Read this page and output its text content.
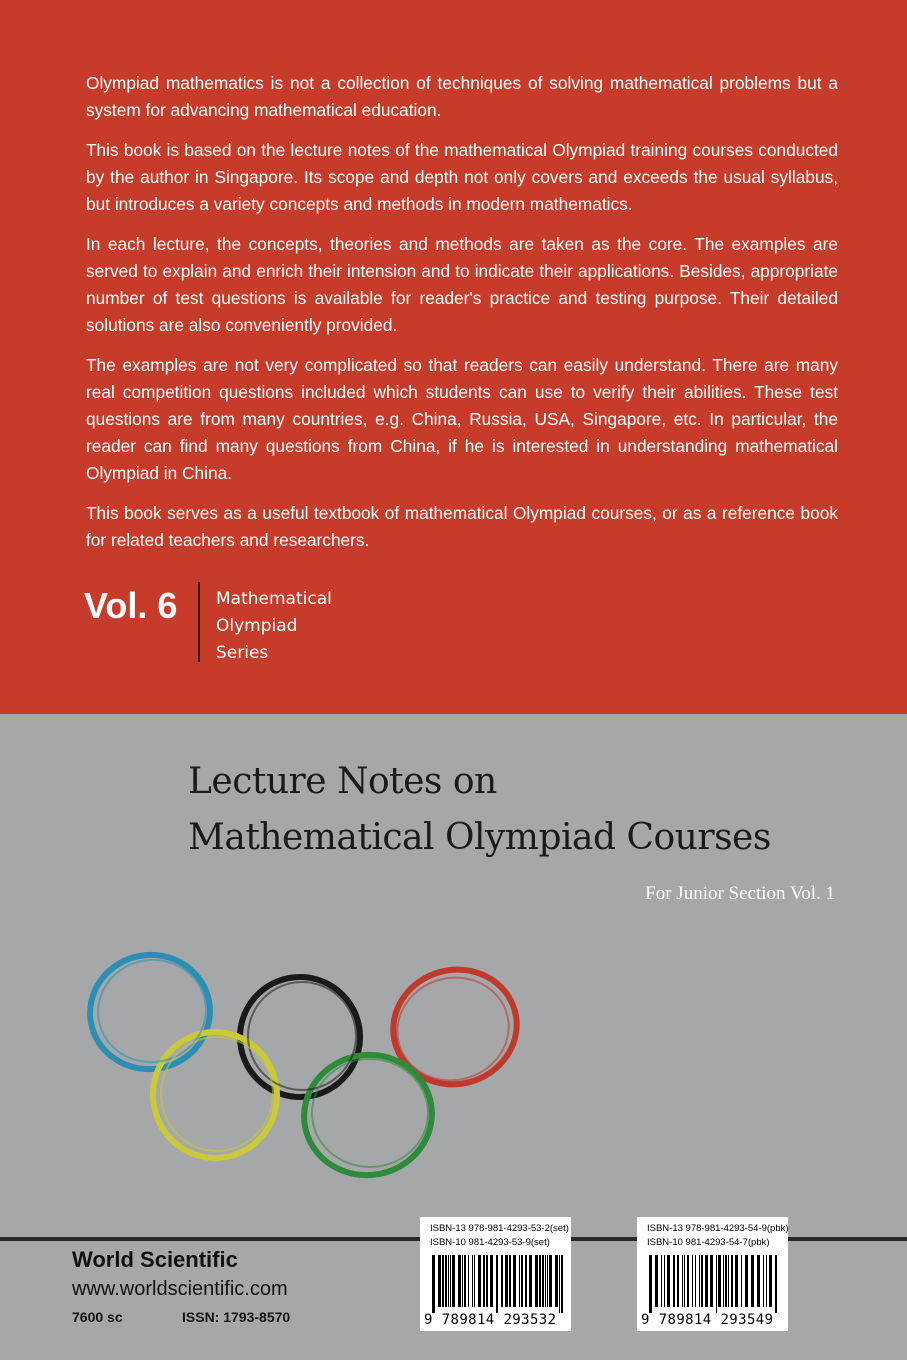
Olympiad mathematics is not a collection of techniques of solving mathematical problems but a system for advancing mathematical education.

This book is based on the lecture notes of the mathematical Olympiad training courses conducted by the author in Singapore. Its scope and depth not only covers and exceeds the usual syllabus, but introduces a variety concepts and methods in modern mathematics.

In each lecture, the concepts, theories and methods are taken as the core. The examples are served to explain and enrich their intension and to indicate their applications. Besides, appropriate number of test questions is available for reader's practice and testing purpose. Their detailed solutions are also conveniently provided.

The examples are not very complicated so that readers can easily understand. There are many real competition questions included which students can use to verify their abilities. These test questions are from many countries, e.g. China, Russia, USA, Singapore, etc. In particular, the reader can find many questions from China, if he is interested in understanding mathematical Olympiad in China.

This book serves as a useful textbook of mathematical Olympiad courses, or as a reference book for related teachers and researchers.

Vol. 6 Mathematical
Olympiad
Series
Lecture Notes on
Mathematical Olympiad Courses
For Junior Section Vol. 1
World Scientific
www.worldscientific.com
7600 sc	ISSN: 1793-8570
ISBN-13 978-981-4293-53-2(set)
ISBN-10 981-4293-53-9(set)
9 789814 293532
ISBN-13 978-981-4293-54-9(pbk)
ISBN-10 981-4293-54-7(pbk)
9 789814 293549
